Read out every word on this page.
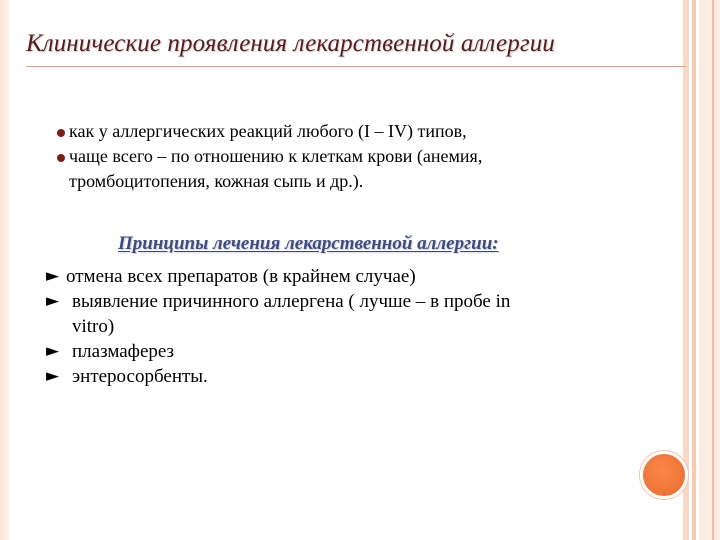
Клинические проявления лекарственной аллергии
как у аллергических реакций любого (I – IV) типов,
чаще всего – по отношению к клеткам крови (анемия,
тромбоцитопения, кожная сыпь и др.).
Принципы лечения лекарственной аллергии:
► отмена всех препаратов (в крайнем случае)
► выявление причинного аллергена ( лучше – в пробе in
vitro)
► плазмаферез
► энтеросорбенты.
